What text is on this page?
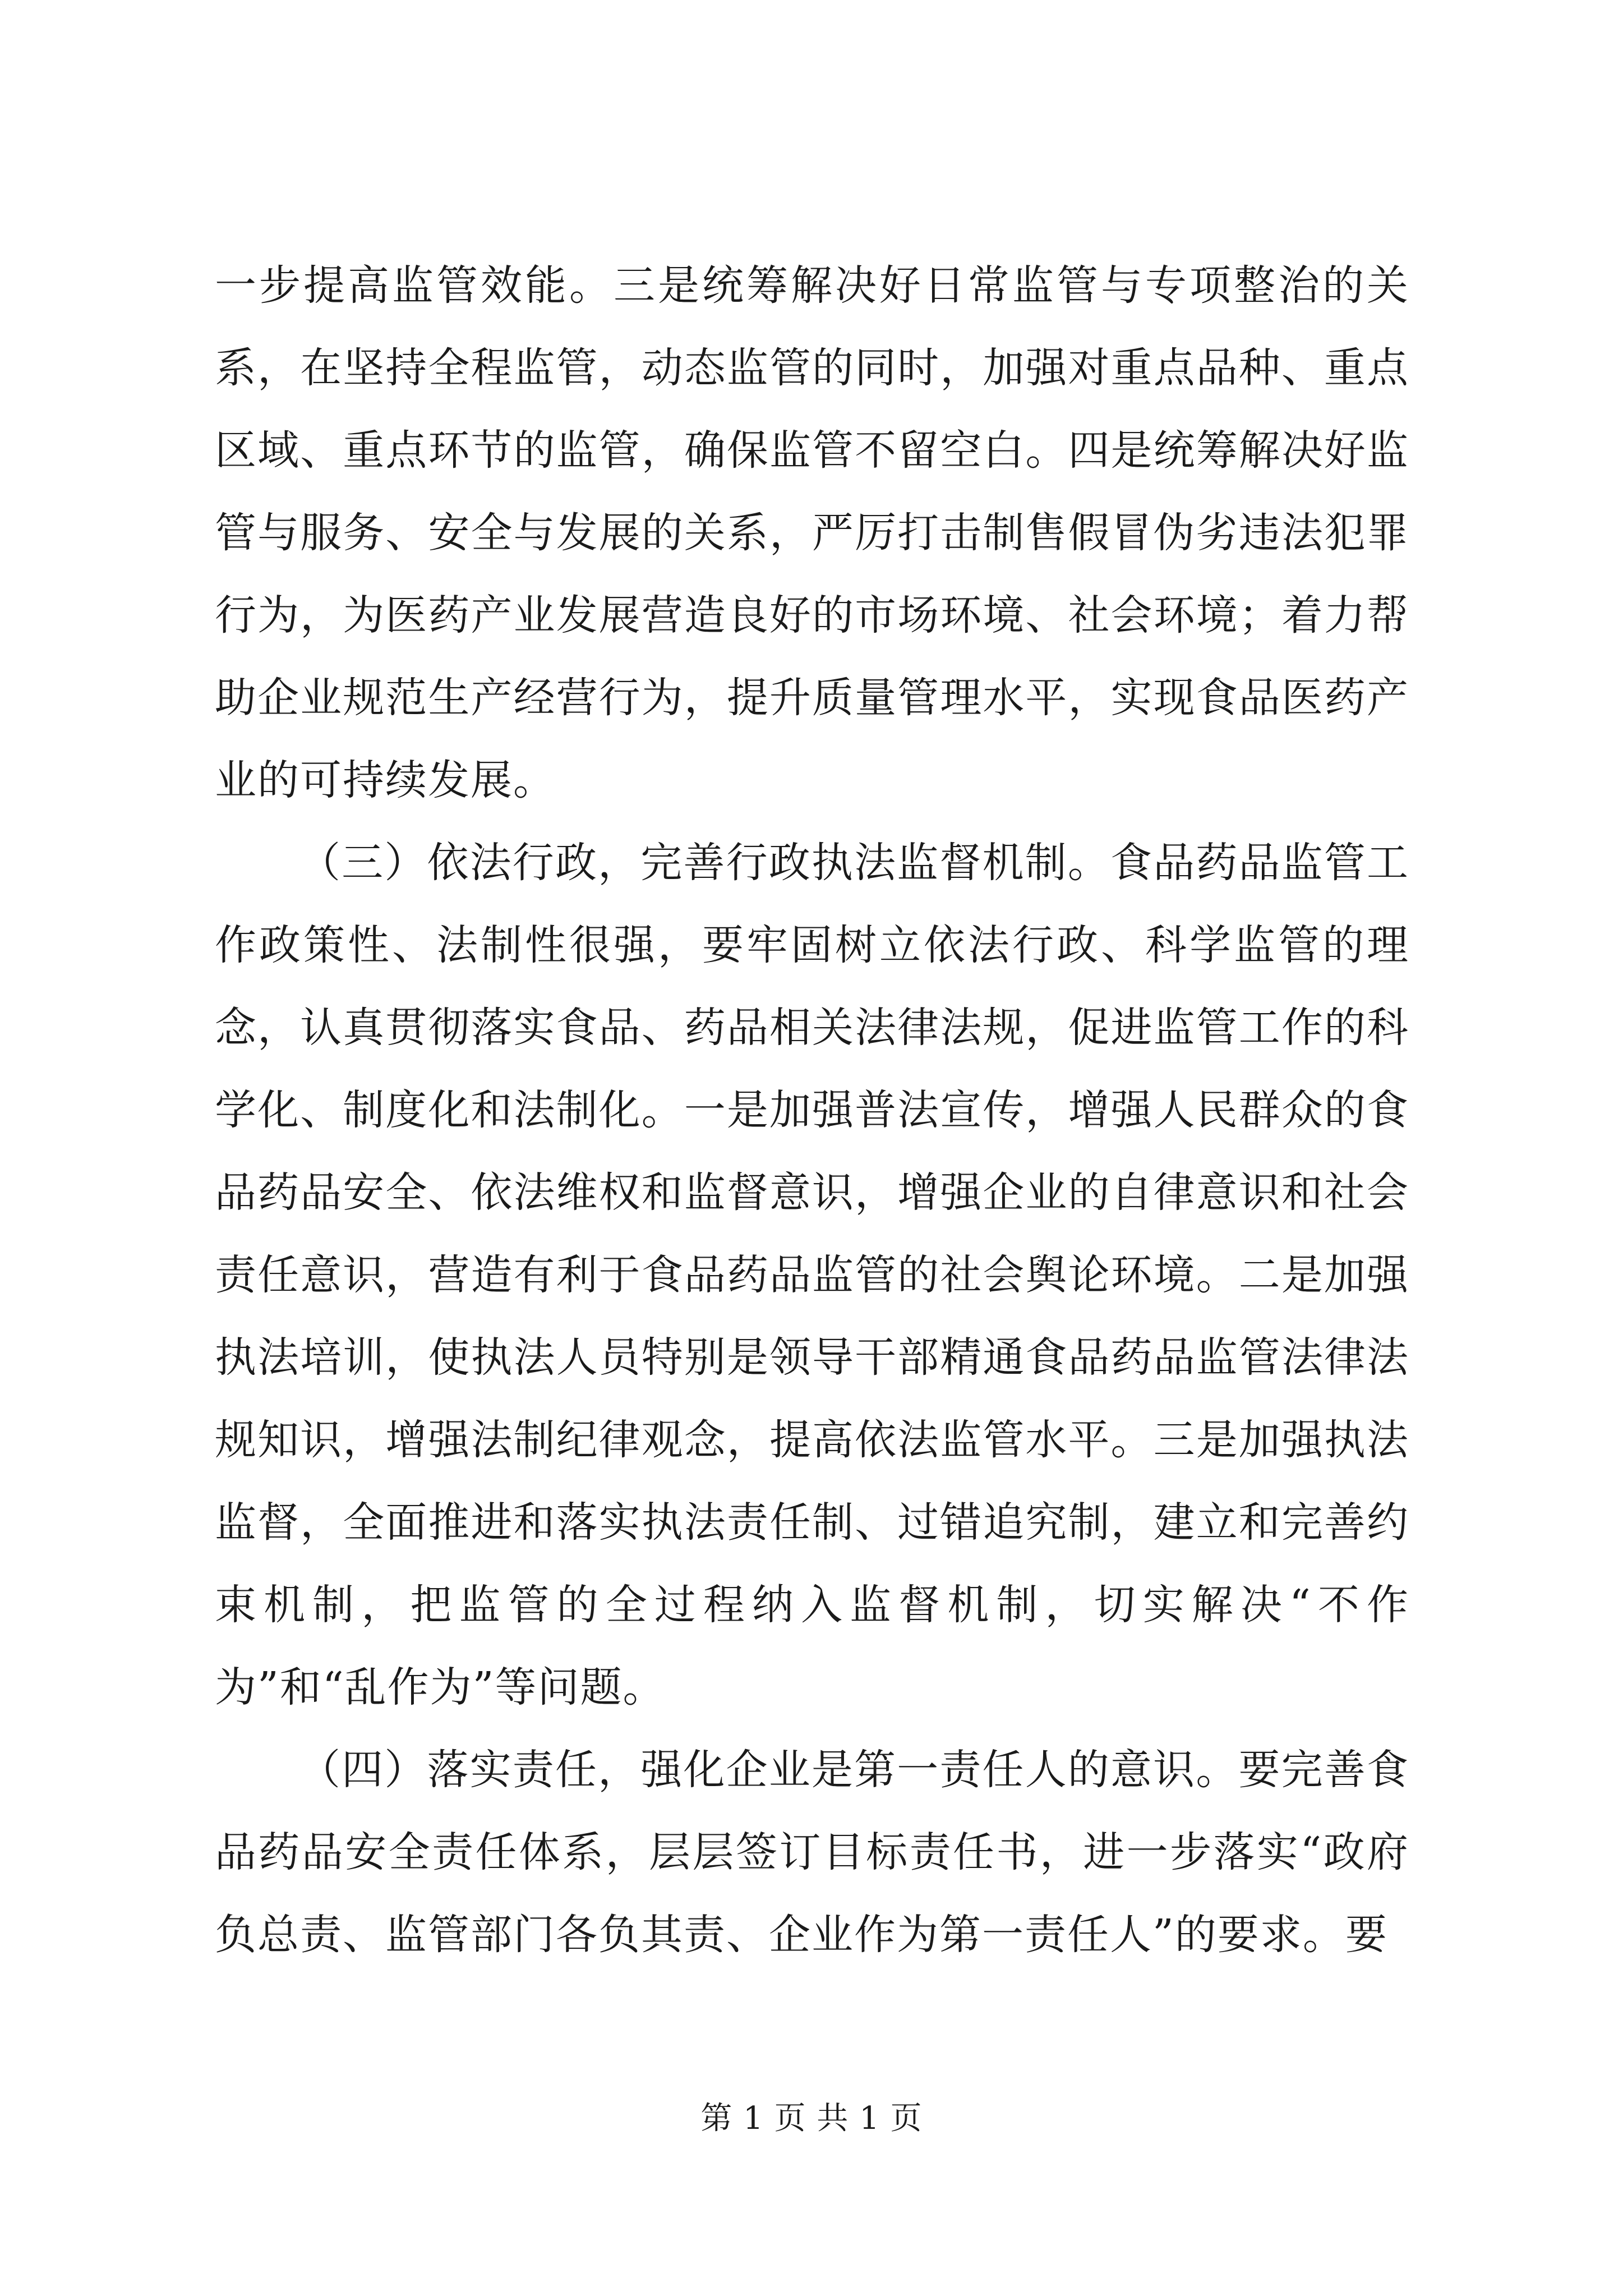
一步提高监管效能。三是统筹解决好日常监管与专项整治的关系，在坚持全程监管，动态监管的同时，加强对重点品种、重点区域、重点环节的监管，确保监管不留空白。四是统筹解决好监管与服务、安全与发展的关系，严厉打击制售假冒伪劣违法犯罪行为，为医药产业发展营造良好的市场环境、社会环境；着力帮助企业规范生产经营行为，提升质量管理水平，实现食品医药产业的可持续发展。

（三）依法行政，完善行政执法监督机制。食品药品监管工作政策性、法制性很强，要牢固树立依法行政、科学监管的理念，认真贯彻落实食品、药品相关法律法规，促进监管工作的科学化、制度化和法制化。一是加强普法宣传，增强人民群众的食品药品安全、依法维权和监督意识，增强企业的自律意识和社会责任意识，营造有利于食品药品监管的社会舆论环境。二是加强执法培训，使执法人员特别是领导干部精通食品药品监管法律法规知识，增强法制纪律观念，提高依法监管水平。三是加强执法监督，全面推进和落实执法责任制、过错追究制，建立和完善约束机制，把监管的全过程纳入监督机制，切实解决“不作为”和“乱作为”等问题。

（四）落实责任，强化企业是第一责任人的意识。要完善食品药品安全责任体系，层层签订目标责任书，进一步落实“政府负总责、监管部门各负其责、企业作为第一责任人”的要求。要

第 1 页 共 1 页
